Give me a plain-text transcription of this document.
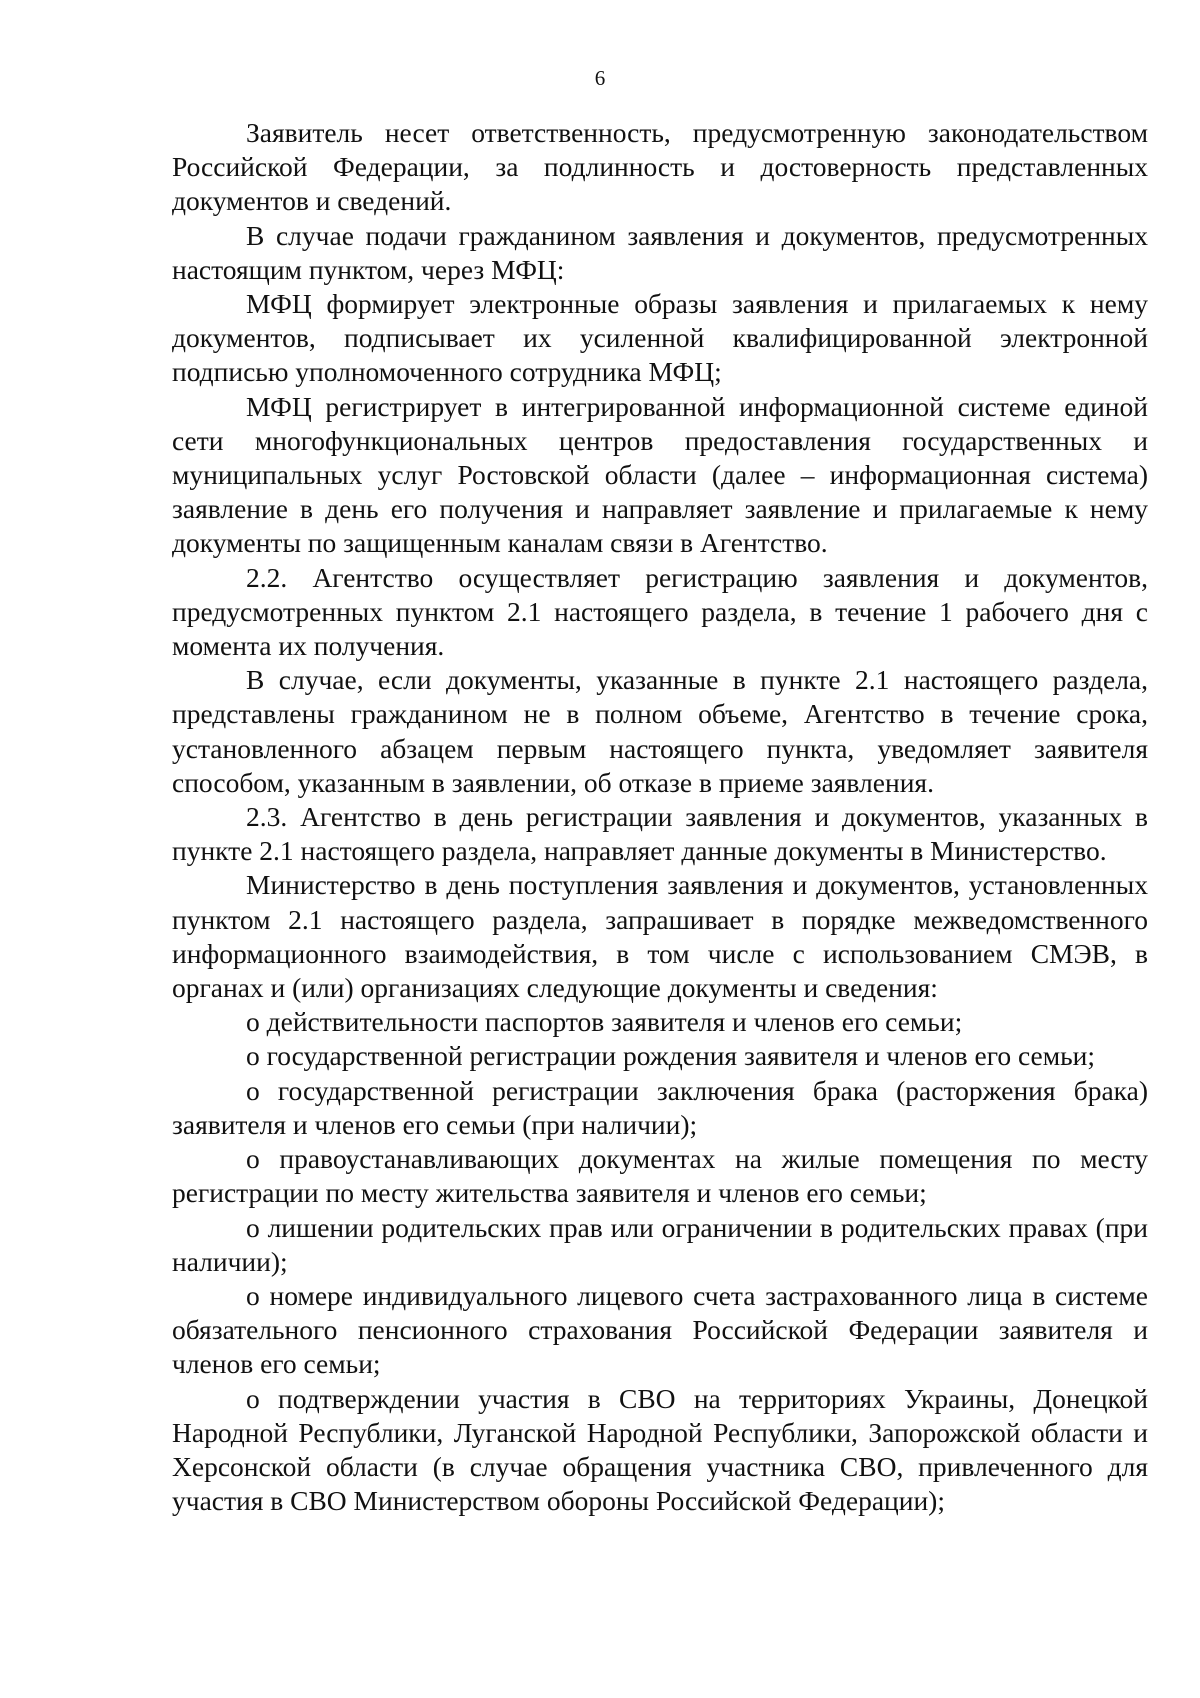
6

Заявитель несет ответственность, предусмотренную законодательством Российской Федерации, за подлинность и достоверность представленных документов и сведений.

В случае подачи гражданином заявления и документов, предусмотренных настоящим пунктом, через МФЦ:

МФЦ формирует электронные образы заявления и прилагаемых к нему документов, подписывает их усиленной квалифицированной электронной подписью уполномоченного сотрудника МФЦ;

МФЦ регистрирует в интегрированной информационной системе единой сети многофункциональных центров предоставления государственных и муниципальных услуг Ростовской области (далее – информационная система) заявление в день его получения и направляет заявление и прилагаемые к нему документы по защищенным каналам связи в Агентство.

2.2. Агентство осуществляет регистрацию заявления и документов, предусмотренных пунктом 2.1 настоящего раздела, в течение 1 рабочего дня с момента их получения.

В случае, если документы, указанные в пункте 2.1 настоящего раздела, представлены гражданином не в полном объеме, Агентство в течение срока, установленного абзацем первым настоящего пункта, уведомляет заявителя способом, указанным в заявлении, об отказе в приеме заявления.

2.3. Агентство в день регистрации заявления и документов, указанных в пункте 2.1 настоящего раздела, направляет данные документы в Министерство.

Министерство в день поступления заявления и документов, установленных пунктом 2.1 настоящего раздела, запрашивает в порядке межведомственного информационного взаимодействия, в том числе с использованием СМЭВ, в органах и (или) организациях следующие документы и сведения:

о действительности паспортов заявителя и членов его семьи;

о государственной регистрации рождения заявителя и членов его семьи;

о государственной регистрации заключения брака (расторжения брака) заявителя и членов его семьи (при наличии);

о правоустанавливающих документах на жилые помещения по месту регистрации по месту жительства заявителя и членов его семьи;

о лишении родительских прав или ограничении в родительских правах (при наличии);

о номере индивидуального лицевого счета застрахованного лица в системе обязательного пенсионного страхования Российской Федерации заявителя и членов его семьи;

о подтверждении участия в СВО на территориях Украины, Донецкой Народной Республики, Луганской Народной Республики, Запорожской области и Херсонской области (в случае обращения участника СВО, привлеченного для участия в СВО Министерством обороны Российской Федерации);
